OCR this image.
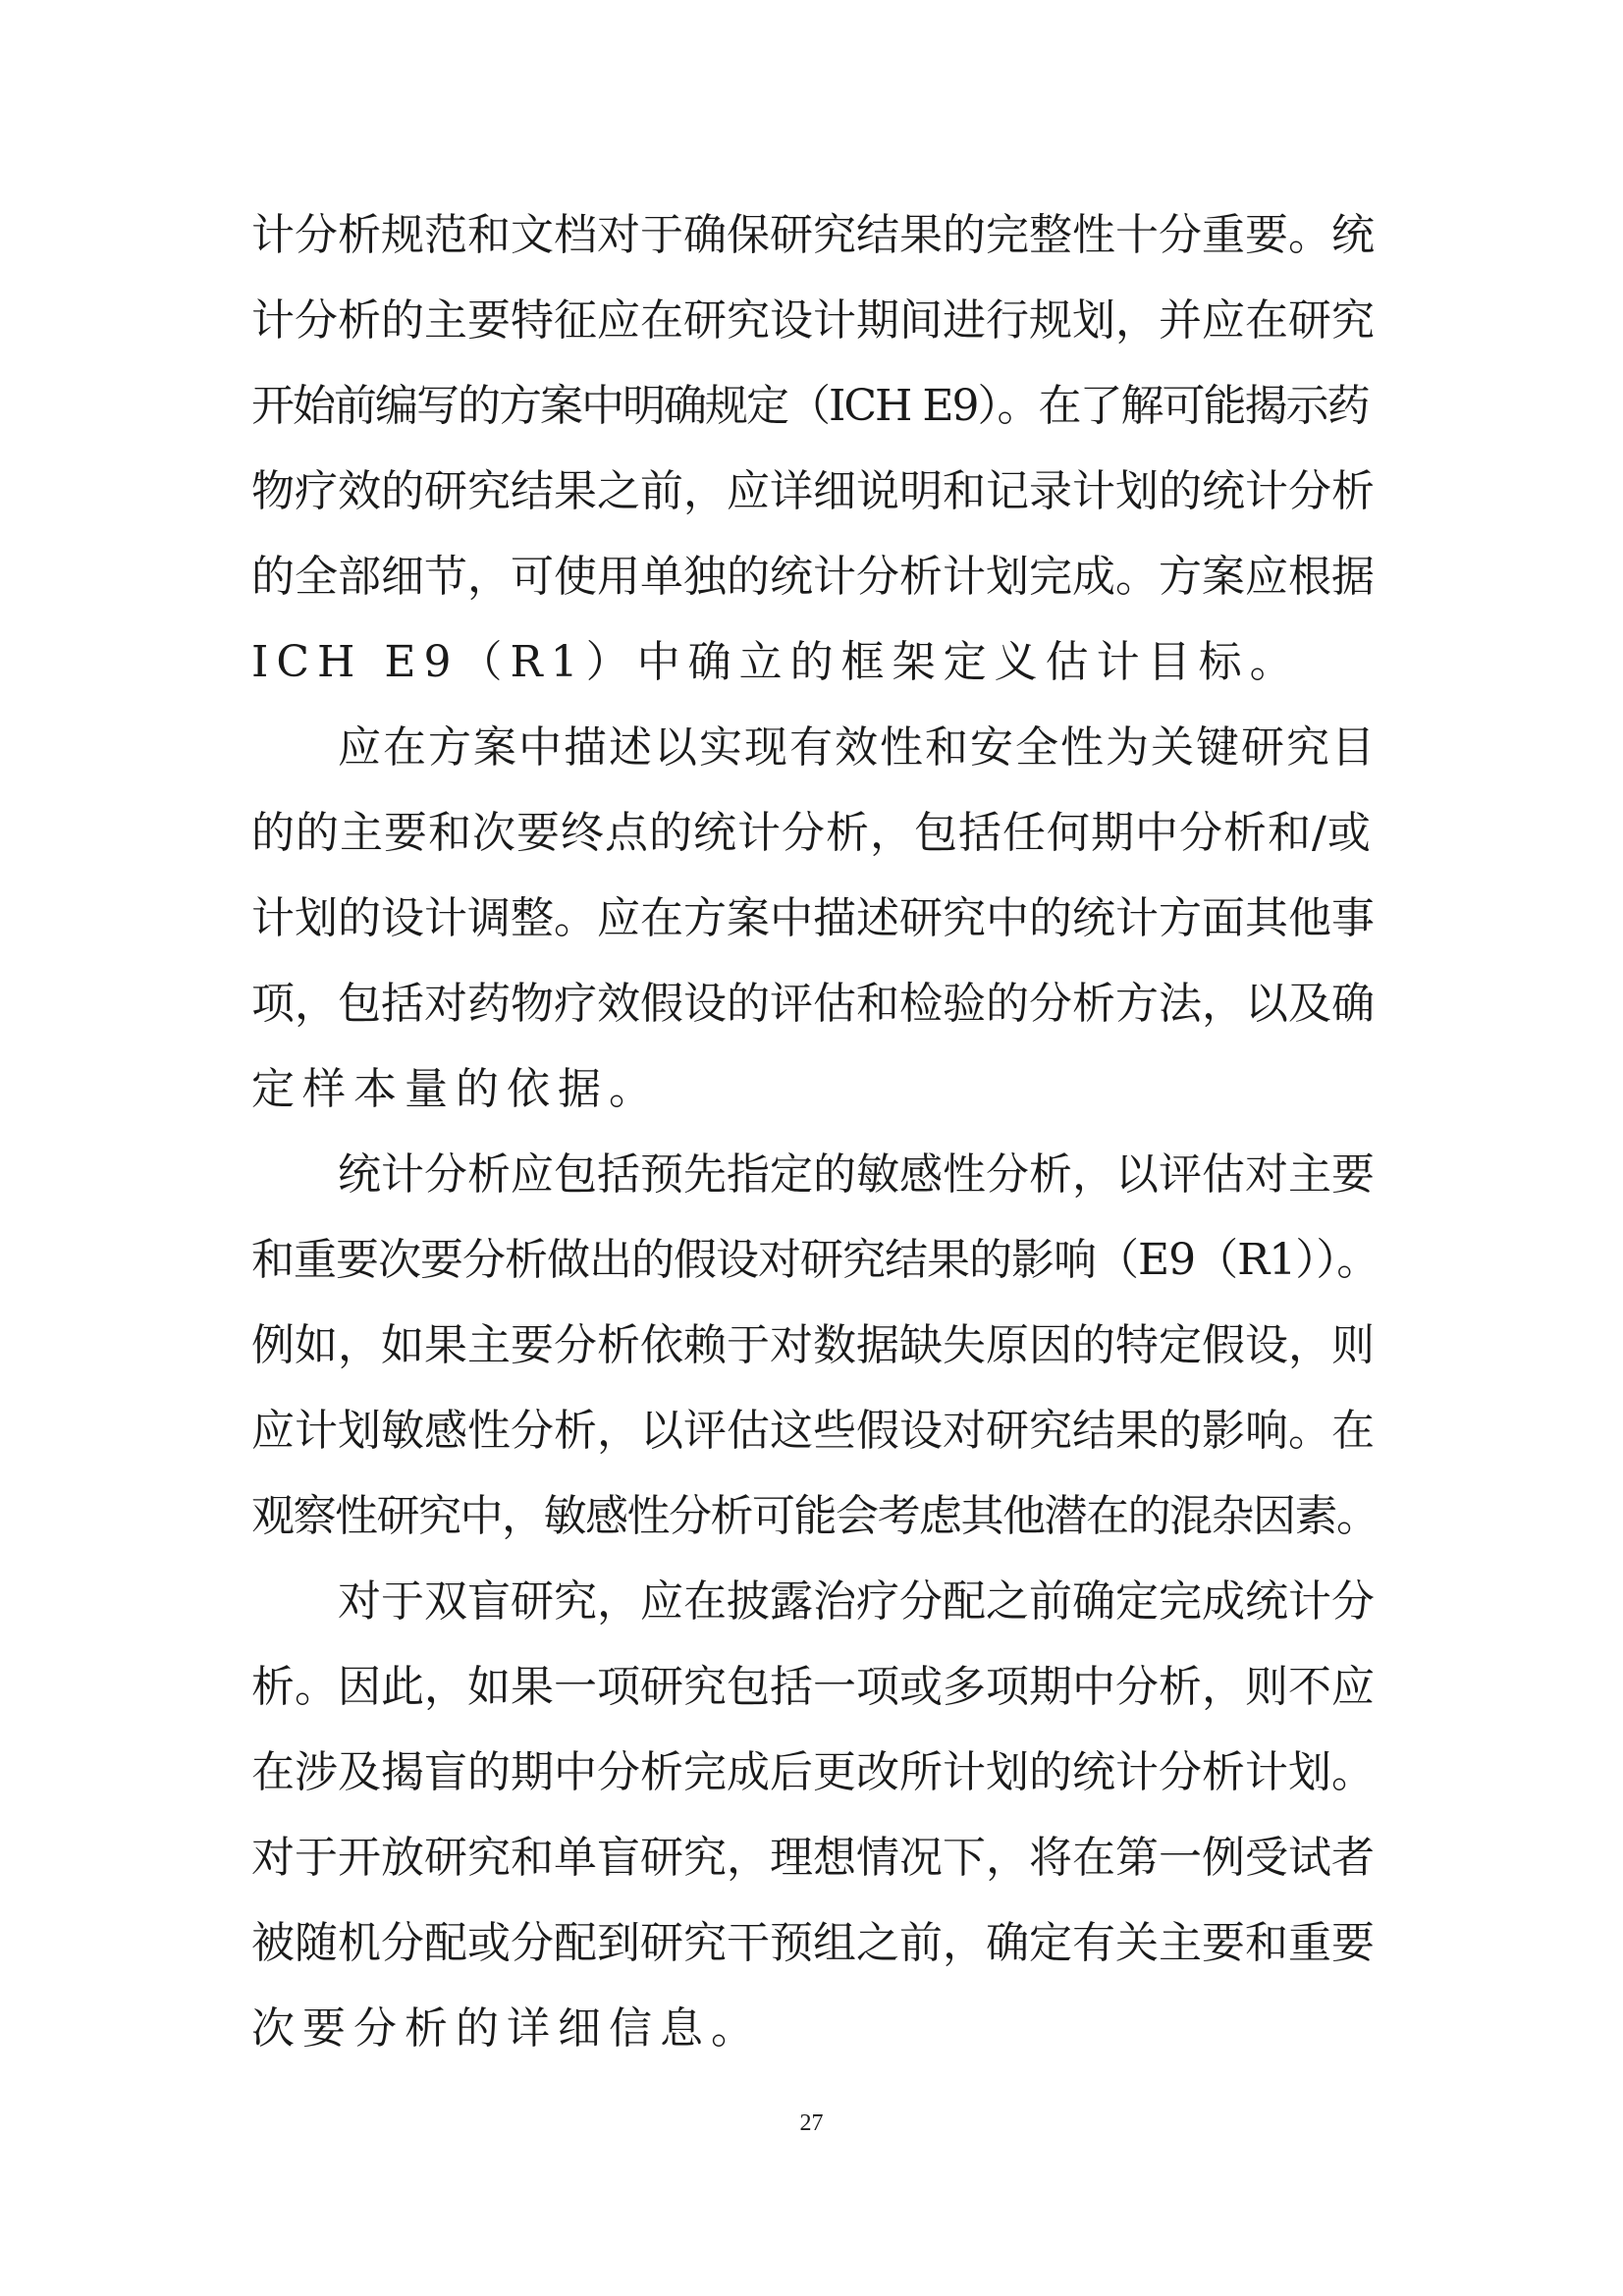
计分析规范和文档对于确保研究结果的完整性十分重要。统
计分析的主要特征应在研究设计期间进行规划，并应在研究
开始前编写的方案中明确规定（ICH E9）。在了解可能揭示药
物疗效的研究结果之前，应详细说明和记录计划的统计分析
的全部细节，可使用单独的统计分析计划完成。方案应根据
ICH E9（R1）中确立的框架定义估计目标。
应在方案中描述以实现有效性和安全性为关键研究目
的的主要和次要终点的统计分析，包括任何期中分析和/或
计划的设计调整。应在方案中描述研究中的统计方面其他事
项，包括对药物疗效假设的评估和检验的分析方法，以及确
定样本量的依据。
统计分析应包括预先指定的敏感性分析，以评估对主要
和重要次要分析做出的假设对研究结果的影响（E9（R1））。
例如，如果主要分析依赖于对数据缺失原因的特定假设，则
应计划敏感性分析，以评估这些假设对研究结果的影响。在
观察性研究中，敏感性分析可能会考虑其他潜在的混杂因素。
对于双盲研究，应在披露治疗分配之前确定完成统计分
析。因此，如果一项研究包括一项或多项期中分析，则不应
在涉及揭盲的期中分析完成后更改所计划的统计分析计划。
对于开放研究和单盲研究，理想情况下，将在第一例受试者
被随机分配或分配到研究干预组之前，确定有关主要和重要
次要分析的详细信息。
27
